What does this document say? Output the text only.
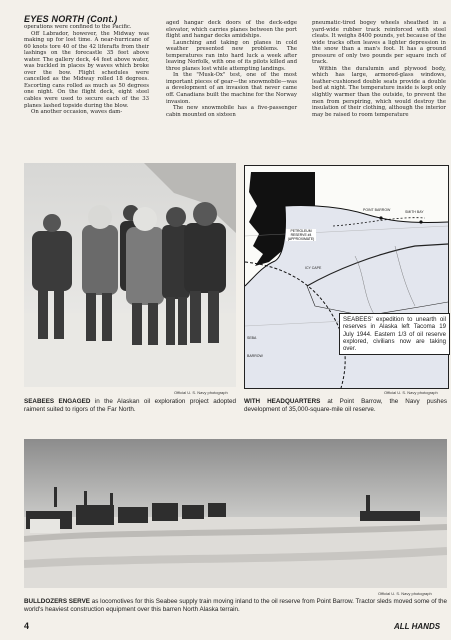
EYES NORTH (Cont.)

operations were confined to the Pacific.

Off Labrador, however, the Midway was making up for lost time. A near-hurricane of 60 knots tore 40 of the 42 liferafts from their lashings on the forecastle 35 feet above water. The gallery deck, 44 feet above water, was buckled in places by waves which broke over the bow. Flight schedules were cancelled as the Midway rolled 18 degrees. Escorting cans rolled as much as 50 degrees one night. On the flight deck, eight steel cables were used to secure each of the 33 planes lashed topside during the blow.

On another occasion, waves dam-

aged hangar deck doors of the deck-edge elevator, which carries planes between the port flight and hangar decks amidships.

Launching and taking on planes in cold weather presented new problems. The temperatures ran into hard luck a week after leaving Norfolk, with one of its pilots killed and three planes lost while attempting landings.

In the "Musk-Ox" test, one of the most important pieces of gear—the snowmobile—was a development of an invasion that never came off. Canadians built the machine for the Norway invasion.

The new snowmobile has a five-passenger cabin mounted on sixteen

pneumatic-tired bogey wheels sheathed in a yard-wide rubber track reinforced with steel cleats. It weighs 8400 pounds, yet because of the wide tracks often leaves a lighter depression in the snow than a man's foot. It has a ground pressure of only two pounds per square inch of track.

Within the duralumin and plywood body, which has large, armored-glass windows, leather-cushioned double seats provide a double bed at night. The temperature inside is kept only slightly warmer than the outside, to prevent the men from perspiring, which would destroy the insulation of their clothing, although the interior may be raised to room temperature

Official U. S. Navy photograph
SEABEES ENGAGED in the Alaskan oil exploration project adopted raiment suited to rigors of the Far North.
SMITH BAY
POINT BARROW
ICY CAPE
SEBA
BARROW
PETROLEUM RESERVE #4 (APPROXIMATE)
SEABEES' expedition to unearth oil reserves in Alaska left Tacoma 19 July 1944. Eastern 1/3 of oil reserve explored, civilians now are taking over.
Official U. S. Navy photograph
WITH HEADQUARTERS at Point Barrow, the Navy pushes development of 35,000-square-mile oil reserve.
Official U. S. Navy photograph
BULLDOZERS SERVE as locomotives for this Seabee supply train moving inland to the oil reserve from Point Barrow. Tractor sleds moved some of the world's heaviest construction equipment over this barren North Alaska terrain.
4	ALL HANDS
